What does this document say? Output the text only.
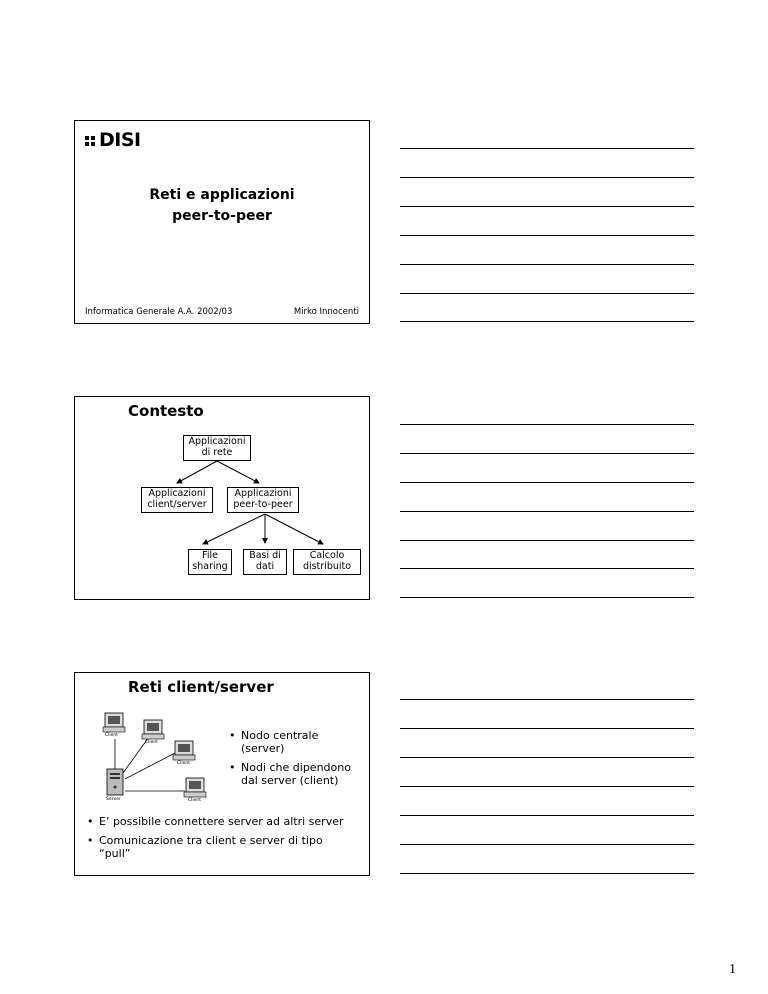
DISI
Reti e applicazioni
peer-to-peer
Informatica Generale A.A. 2002/03	Mirko Innocenti
Contesto
Applicazioni
di rete
Applicazioni
client/server
Applicazioni
peer-to-peer
File
sharing
Basi di
dati
Calcolo
distribuito
Reti client/server
Client
Client
Client
Client
Server
• Nodo centrale
(server)
• Nodi che dipendono
dal server (client)
• E’ possibile connettere server ad altri server
• Comunicazione tra client e server di tipo
“pull”
1
